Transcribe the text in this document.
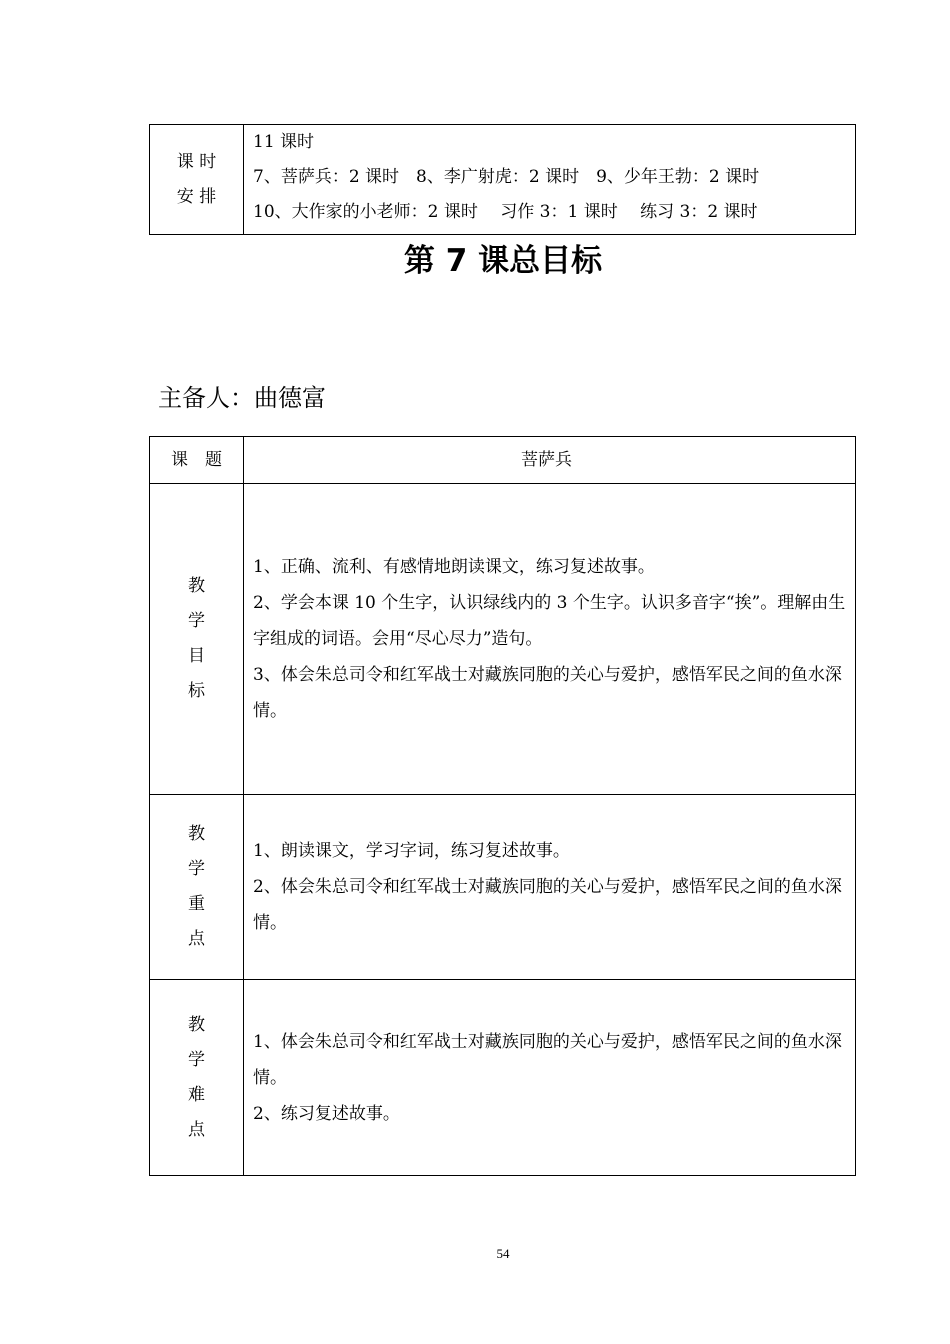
课 时
安 排

11 课时
7、菩萨兵：2 课时　8、李广射虎：2 课时　9、少年王勃：2 课时
10、大作家的小老师：2 课时　 习作 3：1 课时　 练习 3：2 课时
第 7 课总目标
主备人：曲德富
课　题	菩萨兵

教
学
目
标	1、正确、流利、有感情地朗读课文，练习复述故事。
2、学会本课 10 个生字，认识绿线内的 3 个生字。认识多音字“挨”。理解由生字组成的词语。会用“尽心尽力”造句。
3、体会朱总司令和红军战士对藏族同胞的关心与爱护，感悟军民之间的鱼水深情。

教
学
重
点	1、朗读课文，学习字词，练习复述故事。
2、体会朱总司令和红军战士对藏族同胞的关心与爱护，感悟军民之间的鱼水深情。

教
学
难
点	1、体会朱总司令和红军战士对藏族同胞的关心与爱护，感悟军民之间的鱼水深情。
2、练习复述故事。
54
